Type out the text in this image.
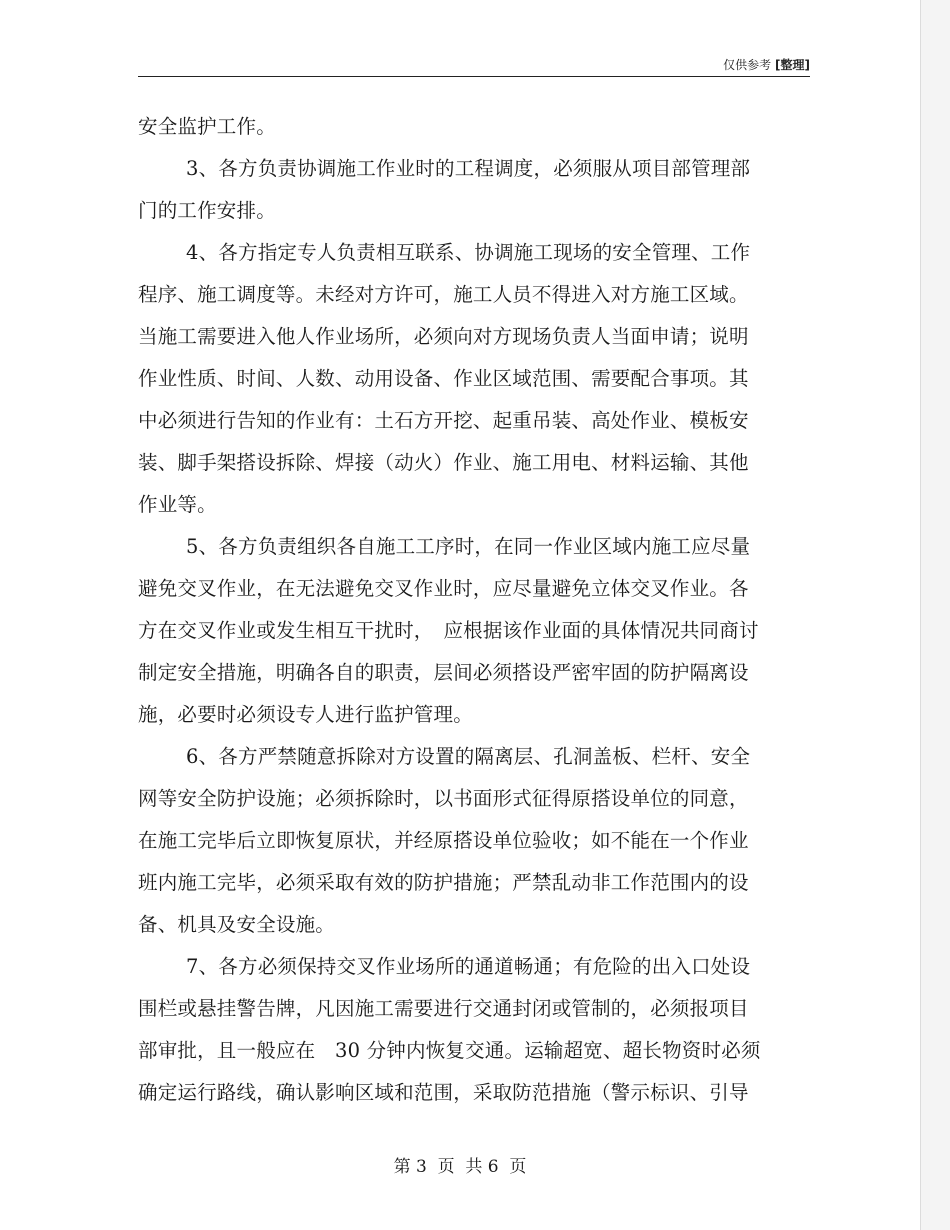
仅供参考 [整理]
安全监护工作。
3、各方负责协调施工作业时的工程调度，必须服从项目部管理部
门的工作安排。
4、各方指定专人负责相互联系、协调施工现场的安全管理、工作
程序、施工调度等。未经对方许可，施工人员不得进入对方施工区域。
当施工需要进入他人作业场所，必须向对方现场负责人当面申请；说明
作业性质、时间、人数、动用设备、作业区域范围、需要配合事项。其
中必须进行告知的作业有：土石方开挖、起重吊装、高处作业、模板安
装、脚手架搭设拆除、焊接（动火）作业、施工用电、材料运输、其他
作业等。
5、各方负责组织各自施工工序时，在同一作业区域内施工应尽量
避免交叉作业，在无法避免交叉作业时，应尽量避免立体交叉作业。各
方在交叉作业或发生相互干扰时，　应根据该作业面的具体情况共同商讨
制定安全措施，明确各自的职责，层间必须搭设严密牢固的防护隔离设
施，必要时必须设专人进行监护管理。
6、各方严禁随意拆除对方设置的隔离层、孔洞盖板、栏杆、安全
网等安全防护设施；必须拆除时，以书面形式征得原搭设单位的同意，
在施工完毕后立即恢复原状，并经原搭设单位验收；如不能在一个作业
班内施工完毕，必须采取有效的防护措施；严禁乱动非工作范围内的设
备、机具及安全设施。
7、各方必须保持交叉作业场所的通道畅通；有危险的出入口处设
围栏或悬挂警告牌，凡因施工需要进行交通封闭或管制的，必须报项目
部审批，且一般应在　30 分钟内恢复交通。运输超宽、超长物资时必须
确定运行路线，确认影响区域和范围，采取防范措施（警示标识、引导
第 3  页  共 6  页
